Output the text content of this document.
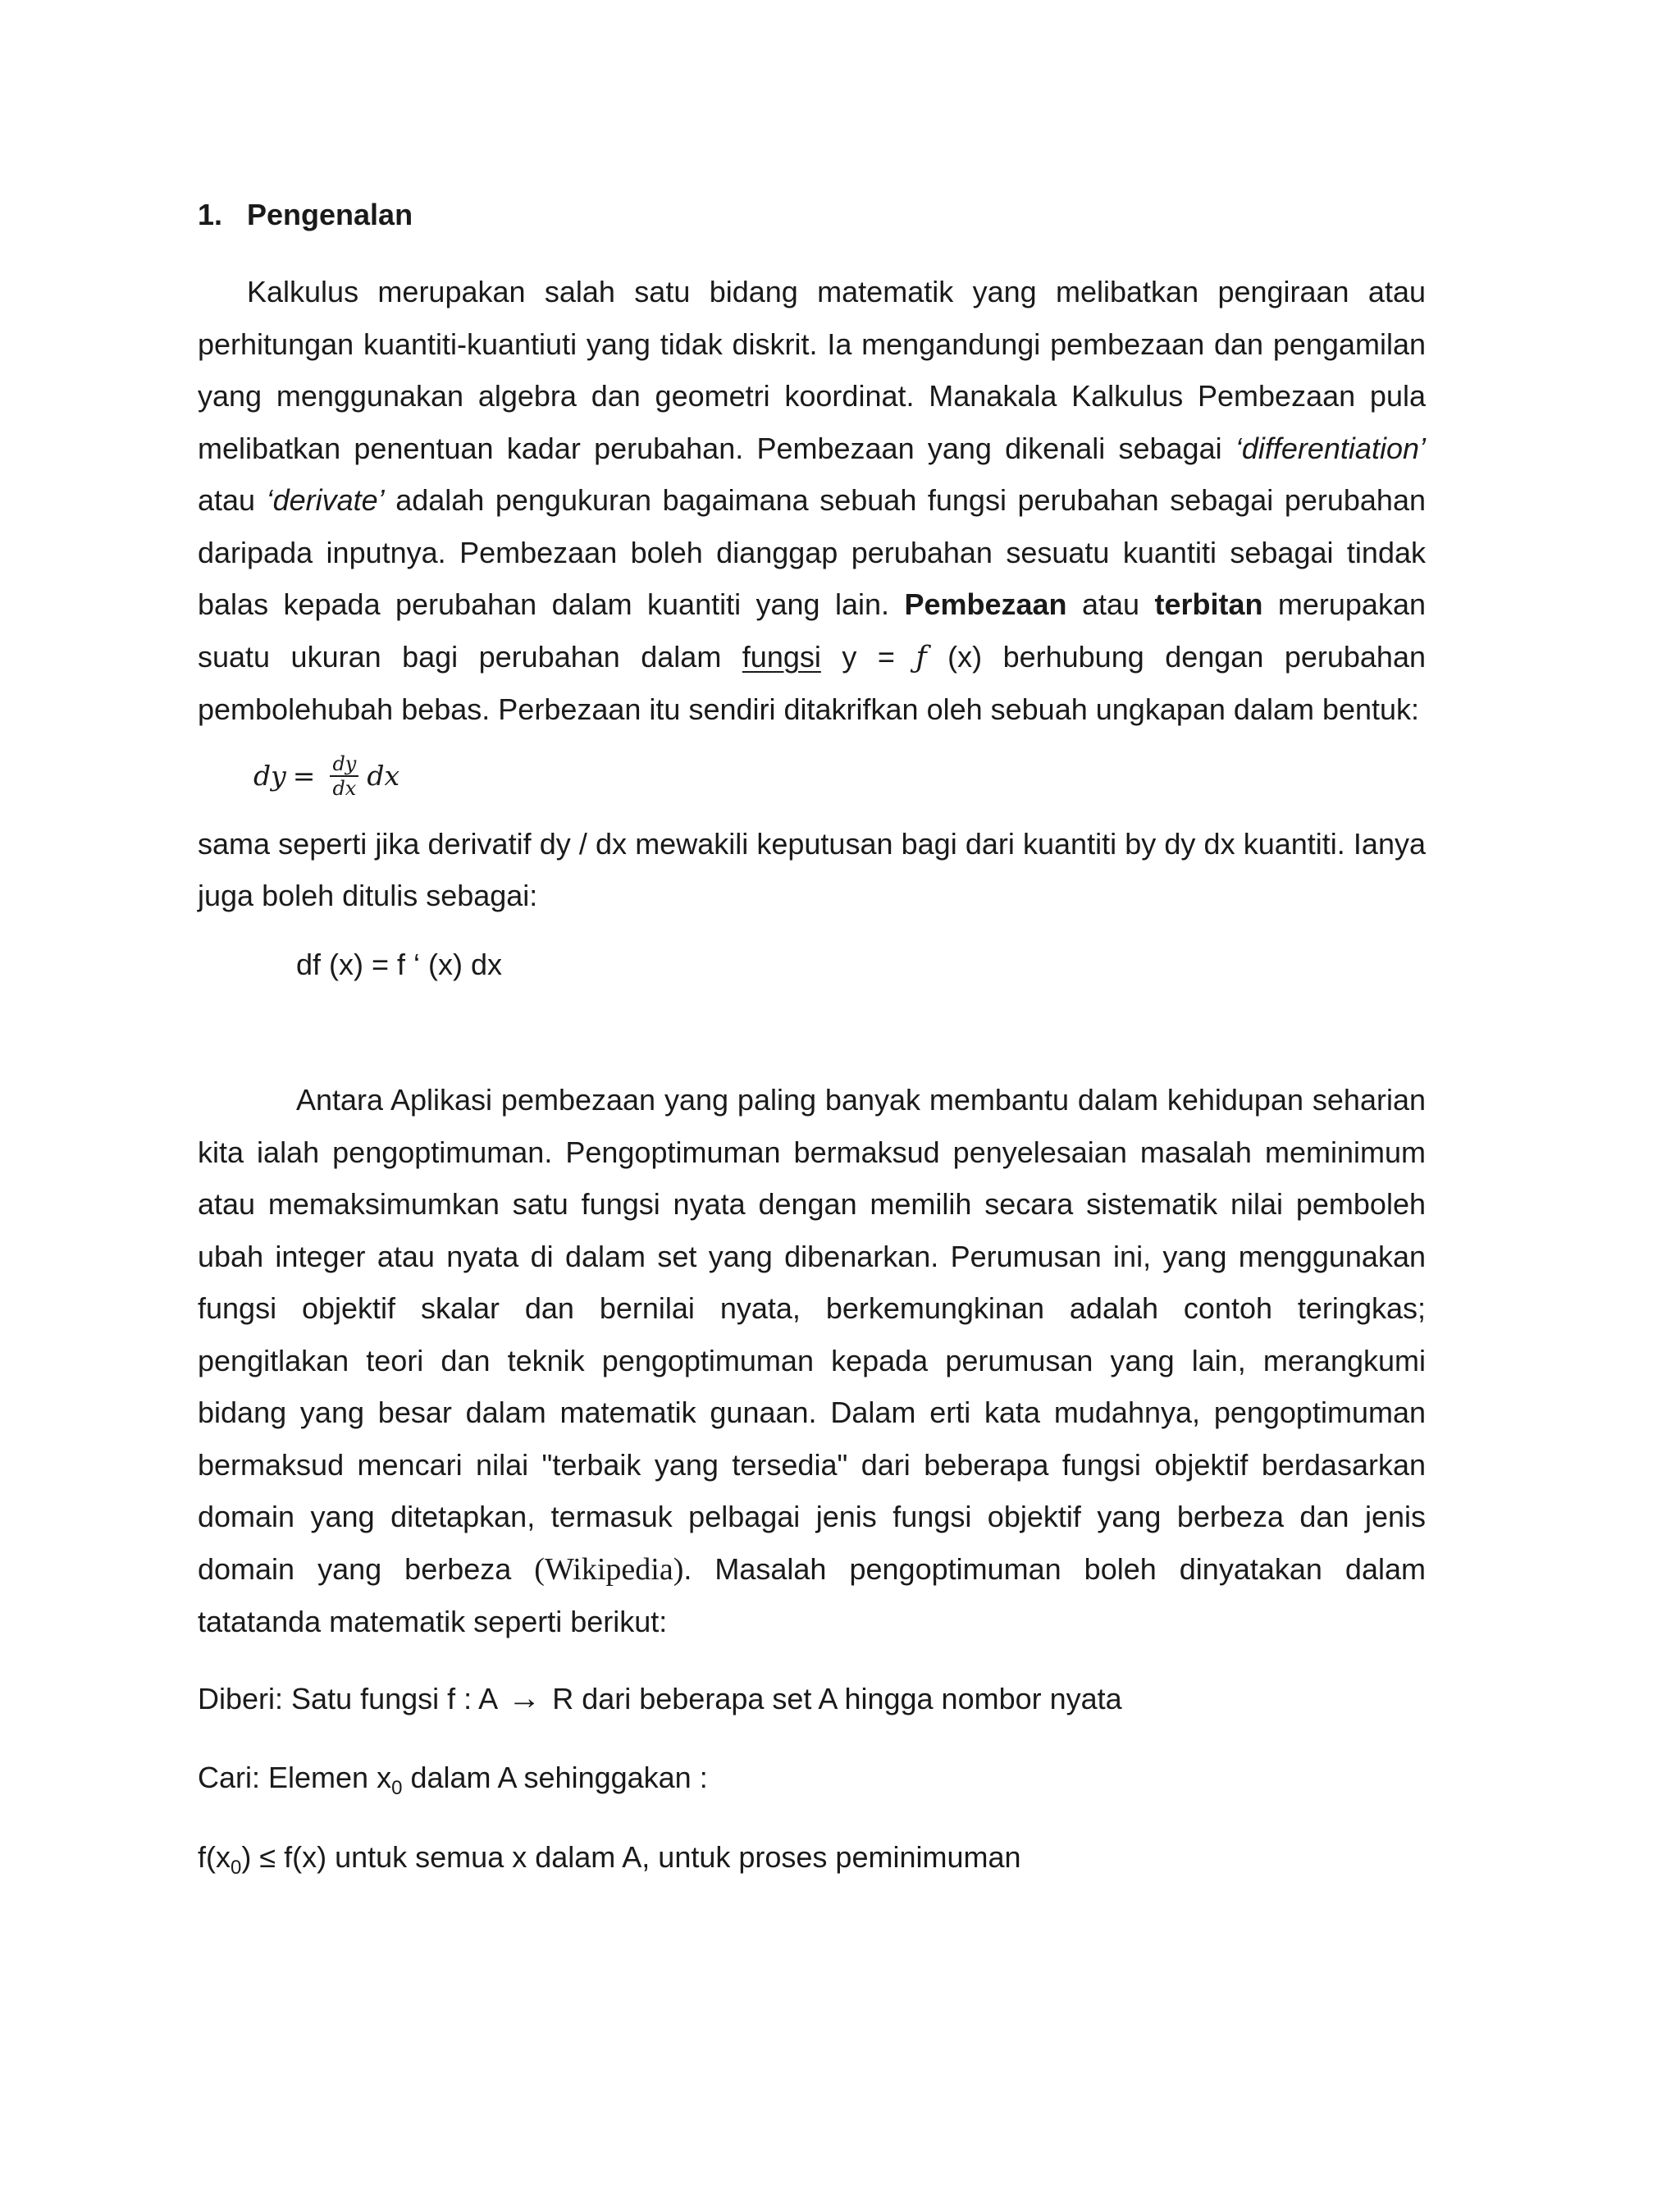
1. Pengenalan

Kalkulus merupakan salah satu bidang matematik yang melibatkan pengiraan atau perhitungan kuantiti-kuantiuti yang tidak diskrit. Ia mengandungi pembezaan dan pengamilan yang menggunakan algebra dan geometri koordinat. Manakala Kalkulus Pembezaan pula melibatkan penentuan kadar perubahan. Pembezaan yang dikenali sebagai ‘differentiation’ atau ‘derivate’ adalah pengukuran bagaimana sebuah fungsi perubahan sebagai perubahan daripada inputnya. Pembezaan boleh dianggap perubahan sesuatu kuantiti sebagai tindak balas kepada perubahan dalam kuantiti yang lain. Pembezaan atau terbitan merupakan suatu ukuran bagi perubahan dalam fungsi y = ƒ (x) berhubung dengan perubahan pembolehubah bebas. Perbezaan itu sendiri ditakrifkan oleh sebuah ungkapan dalam bentuk:

dy = $\frac{dy}{dx}$ dx

sama seperti jika derivatif dy / dx mewakili keputusan bagi dari kuantiti by dy dx kuantiti. Ianya juga boleh ditulis sebagai:

df (x) = f ‘ (x) dx

Antara Aplikasi pembezaan yang paling banyak membantu dalam kehidupan seharian kita ialah pengoptimuman. Pengoptimuman bermaksud penyelesaian masalah meminimum atau memaksimumkan satu fungsi nyata dengan memilih secara sistematik nilai pemboleh ubah integer atau nyata di dalam set yang dibenarkan. Perumusan ini, yang menggunakan fungsi objektif skalar dan bernilai nyata, berkemungkinan adalah contoh teringkas; pengitlakan teori dan teknik pengoptimuman kepada perumusan yang lain, merangkumi bidang yang besar dalam matematik gunaan. Dalam erti kata mudahnya, pengoptimuman bermaksud mencari nilai "terbaik yang tersedia" dari beberapa fungsi objektif berdasarkan domain yang ditetapkan, termasuk pelbagai jenis fungsi objektif yang berbeza dan jenis domain yang berbeza (Wikipedia). Masalah pengoptimuman boleh dinyatakan dalam tatatanda matematik seperti berikut:

Diberi: Satu fungsi f : A → R dari beberapa set A hingga nombor nyata

Cari: Elemen $x_0$ dalam A sehinggakan :

$f(x_0) \le f(x)$ untuk semua x dalam A, untuk proses peminimuman
